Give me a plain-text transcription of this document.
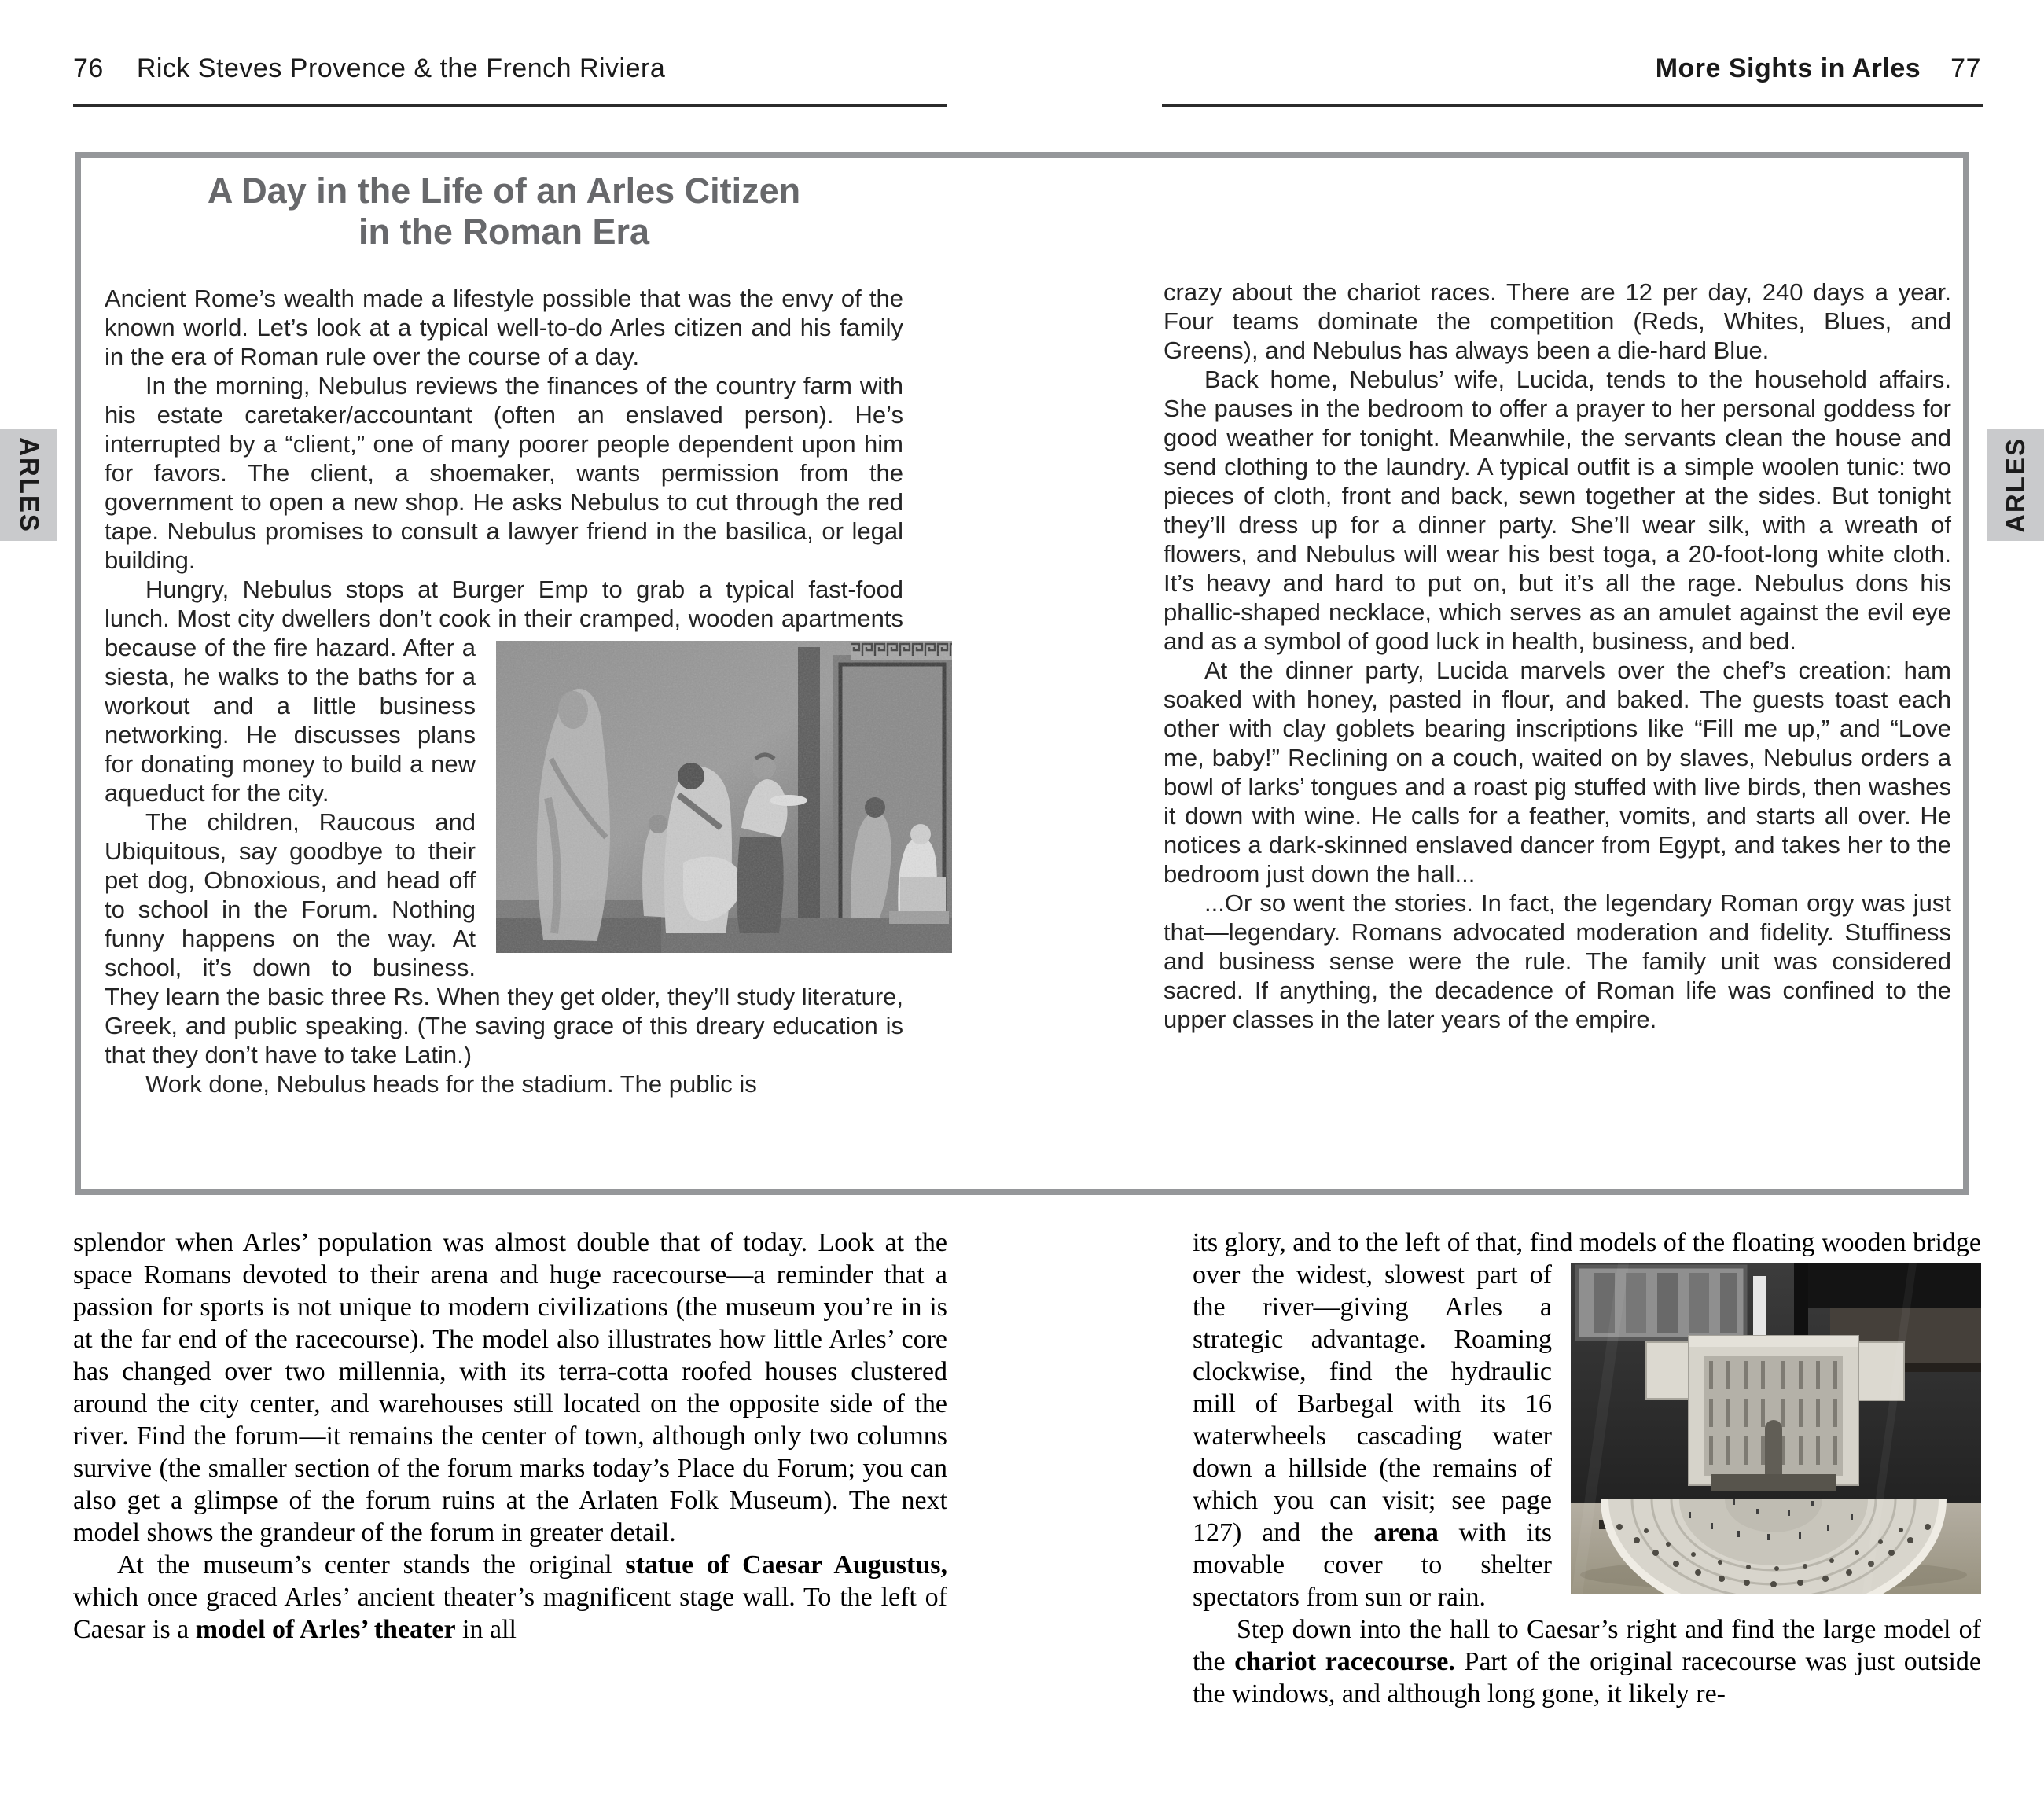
76 Rick Steves Provence & the French Riviera	More Sights in Arles 77
ARLES	ARLES
A Day in the Life of an Arles Citizen
in the Roman Era

Ancient Rome’s wealth made a lifestyle possible that was the envy of the known world. Let’s look at a typical well-to-do Arles citizen and his family in the era of Roman rule over the course of a day.

In the morning, Nebulus reviews the finances of the country farm with his estate caretaker/accountant (often an enslaved person). He’s interrupted by a “client,” one of many poorer people dependent upon him for favors. The client, a shoemaker, wants permission from the government to open a new shop. He asks Nebulus to cut through the red tape. Nebulus promises to consult a lawyer friend in the basilica, or legal building.

Hungry, Nebulus stops at Burger Emp to grab a typical fast-food lunch. Most city dwellers don’t cook in their cramped, wood
en apartments because of the fire hazard. After a siesta, he walks to the baths for a workout and a little business networking. He discusses plans for donating money to build a new aqueduct for the city.

The children, Raucous and Ubiquitous, say goodbye to their pet dog, Obnoxious, and head off to school in the Forum. Nothing funny happens on the way. At school, it’s down to business. They learn the basic three Rs. When they get older, they’ll study literature, Greek, and public speaking. (The saving grace of this dreary education is that they don’t have to take Latin.)

Work done, Nebulus heads for the stadium. The public is

crazy about the chariot races. There are 12 per day, 240 days a year. Four teams dominate the competition (Reds, Whites, Blues, and Greens), and Nebulus has always been a die-hard Blue.

Back home, Nebulus’ wife, Lucida, tends to the household affairs. She pauses in the bedroom to offer a prayer to her personal goddess for good weather for tonight. Meanwhile, the servants clean the house and send clothing to the laundry. A typical outfit is a simple woolen tunic: two pieces of cloth, front and back, sewn together at the sides. But tonight they’ll dress up for a dinner party. She’ll wear silk, with a wreath of flowers, and Nebulus will wear his best toga, a 20-foot-long white cloth. It’s heavy and hard to put on, but it’s all the rage. Nebulus dons his phallic-shaped necklace, which serves as an amulet against the evil eye and as a symbol of good luck in health, business, and bed.

At the dinner party, Lucida marvels over the chef’s creation: ham soaked with honey, pasted in flour, and baked. The guests toast each other with clay goblets bearing inscriptions like “Fill me up,” and “Love me, baby!” Reclining on a couch, waited on by slaves, Nebulus orders a bowl of larks’ tongues and a roast pig stuffed with live birds, then washes it down with wine. He calls for a feather, vomits, and starts all over. He notices a dark-skinned enslaved dancer from Egypt, and takes her to the bedroom just down the hall...

...Or so went the stories. In fact, the legendary Roman orgy was just that—legendary. Romans advocated moderation and fidelity. Stuffiness and business sense were the rule. The family unit was considered sacred. If anything, the decadence of Roman life was confined to the upper classes in the later years of the empire.

splendor when Arles’ population was almost double that of today. Look at the space Romans devoted to their arena and huge racecourse—a reminder that a passion for sports is not unique to modern civilizations (the museum you’re in is at the far end of the racecourse). The model also illustrates how little Arles’ core has changed over two millennia, with its terra-cotta roofed houses clustered around the city center, and warehouses still located on the opposite side of the river. Find the forum—it remains the center of town, although only two columns survive (the smaller section of the forum marks today’s Place du Forum; you can also get a glimpse of the forum ruins at the Arlaten Folk Museum). The next model shows the grandeur of the forum in greater detail.

At the museum’s center stands the original statue of Caesar Augustus, which once graced Arles’ ancient theater’s magnificent stage wall. To the left of Caesar is a model of Arles’ theater in all

its glory, and to the left of that, find models of the floating wooden
bridge over the widest, slowest part of the river—giving Arles a strategic advantage. Roaming clockwise, find the hydraulic mill of Barbegal with its 16 waterwheels cascading water down a hillside (the remains of which you can visit; see page 127) and the arena with its movable cover to shelter spectators from sun or rain.

Step down into the hall to Caesar’s right and find the large model of the chariot racecourse. Part of the original racecourse was just outside the windows, and although long gone, it likely re-
